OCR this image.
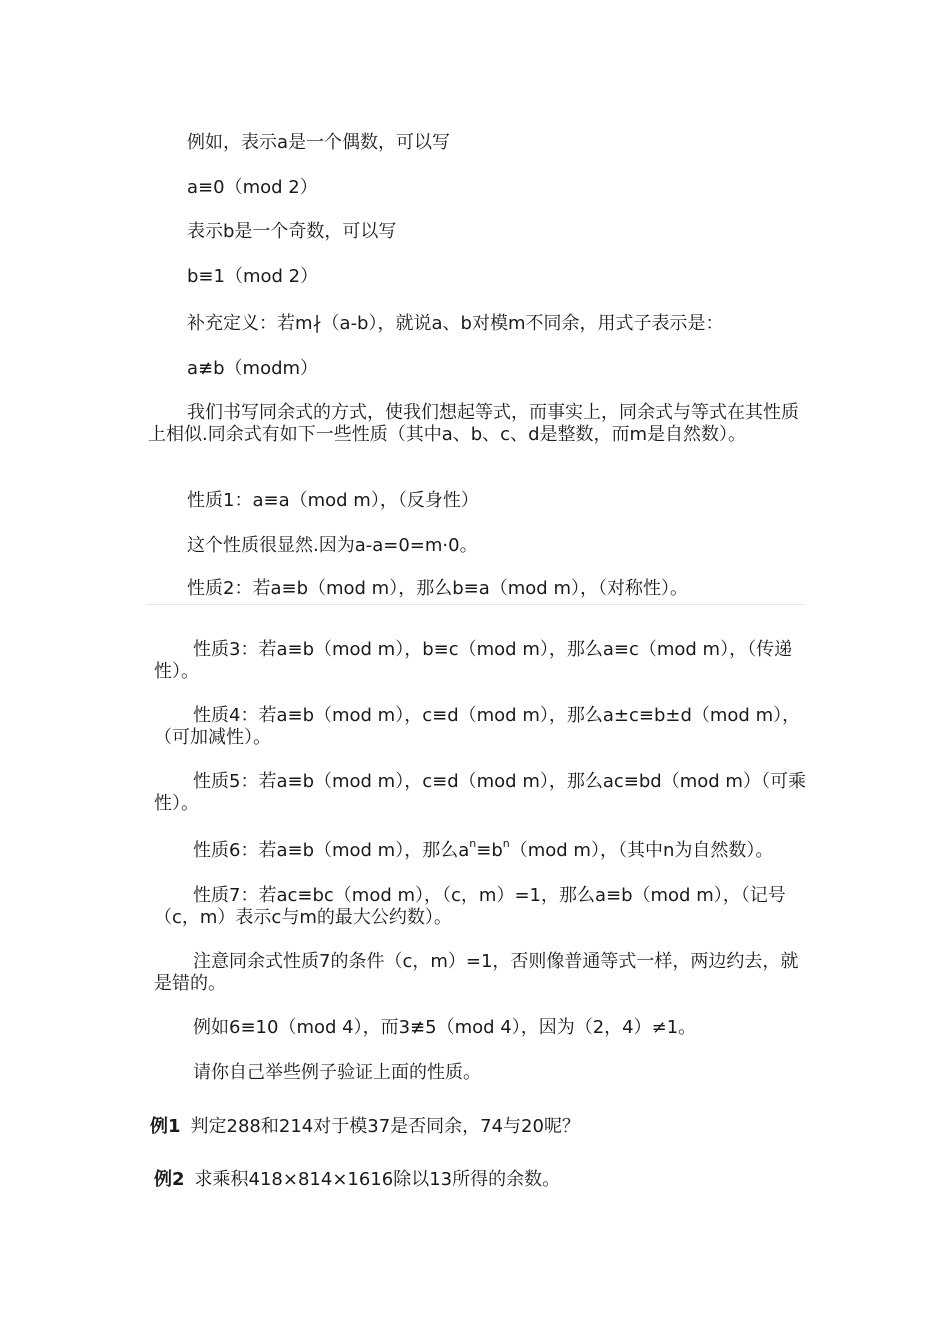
例如，表示a是一个偶数，可以写

a≡0（mod 2）

表示b是一个奇数，可以写

b≡1（mod 2）

补充定义：若m∤（a-b），就说a、b对模m不同余，用式子表示是：

a≢b（modm）

我们书写同余式的方式，使我们想起等式，而事实上，同余式与等式在其性质上相似.同余式有如下一些性质（其中a、b、c、d是整数，而m是自然数）。

性质1：a≡a（mod m），（反身性）

这个性质很显然.因为a-a=0=m·0。

性质2：若a≡b（mod m），那么b≡a（mod m），（对称性）。

性质3：若a≡b（mod m），b≡c（mod m），那么a≡c（mod m），（传递性）。

性质4：若a≡b（mod m），c≡d（mod m），那么a±c≡b±d（mod m），（可加减性）。

性质5：若a≡b（mod m），c≡d（mod m），那么ac≡bd（mod m）（可乘性）。

性质6：若a≡b（mod m），那么$a^n\equiv b^n(mod$ m），（其中n为自然数）。

性质7：若ac≡bc（mod m），（c，m）=1，那么a≡b（mod m），（记号（c，m）表示c与m的最大公约数）。

注意同余式性质7的条件（c，m）=1，否则像普通等式一样，两边约去，就是错的。

例如6≡10（mod 4），而3≢5（mod 4），因为（2，4）≠1。

请你自己举些例子验证上面的性质。

例1 判定288和214对于模37是否同余，74与20呢？
例2 求乘积418×814×1616除以13所得的余数。
